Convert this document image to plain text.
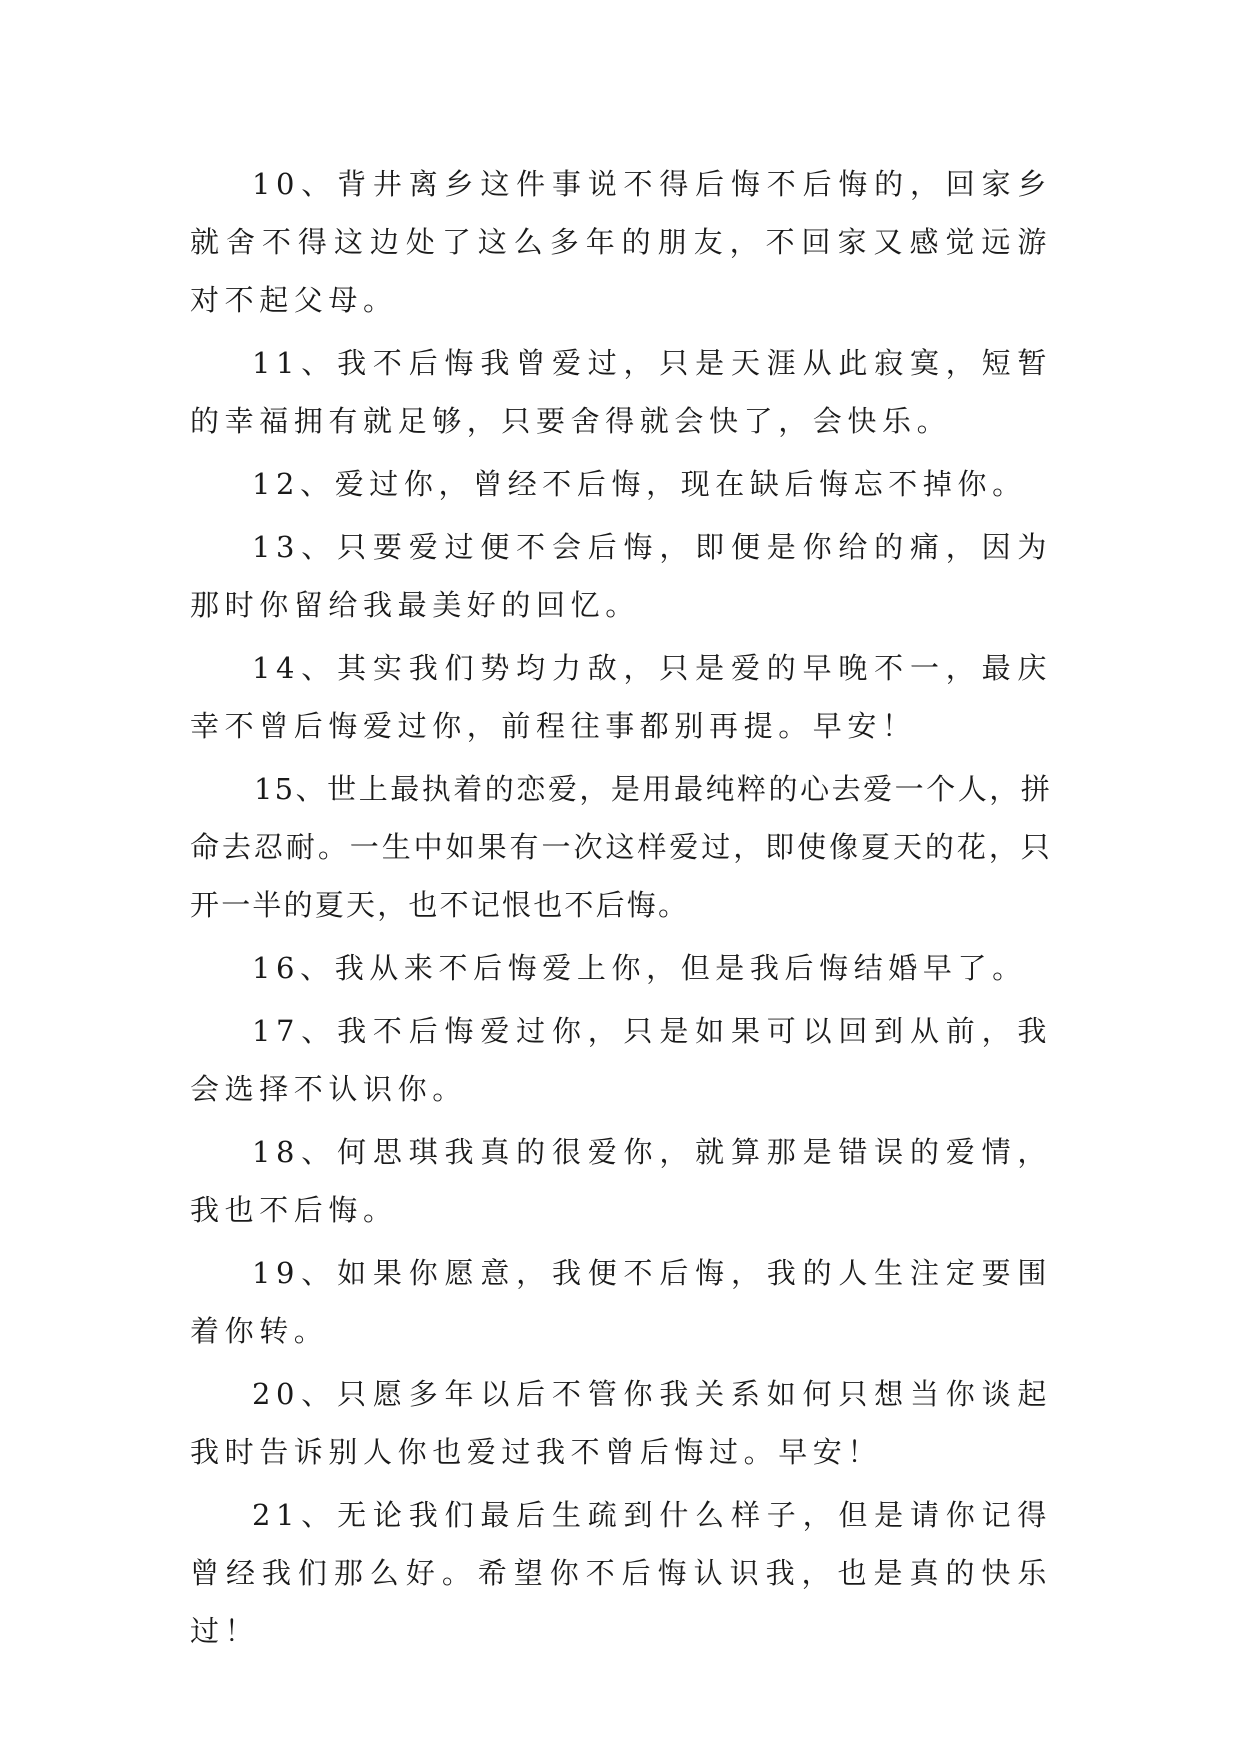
10、背井离乡这件事说不得后悔不后悔的，回家乡就舍不得这边处了这么多年的朋友，不回家又感觉远游对不起父母。

11、我不后悔我曾爱过，只是天涯从此寂寞，短暂的幸福拥有就足够，只要舍得就会快了，会快乐。

12、爱过你，曾经不后悔，现在缺后悔忘不掉你。

13、只要爱过便不会后悔，即便是你给的痛，因为那时你留给我最美好的回忆。

14、其实我们势均力敌，只是爱的早晚不一，最庆幸不曾后悔爱过你，前程往事都别再提。早安！

15、世上最执着的恋爱，是用最纯粹的心去爱一个人，拼命去忍耐。一生中如果有一次这样爱过，即使像夏天的花，只开一半的夏天，也不记恨也不后悔。

16、我从来不后悔爱上你，但是我后悔结婚早了。

17、我不后悔爱过你，只是如果可以回到从前，我会选择不认识你。

18、何思琪我真的很爱你，就算那是错误的爱情，我也不后悔。

19、如果你愿意，我便不后悔，我的人生注定要围着你转。

20、只愿多年以后不管你我关系如何只想当你谈起我时告诉别人你也爱过我不曾后悔过。早安！

21、无论我们最后生疏到什么样子，但是请你记得曾经我们那么好。希望你不后悔认识我，也是真的快乐过！
